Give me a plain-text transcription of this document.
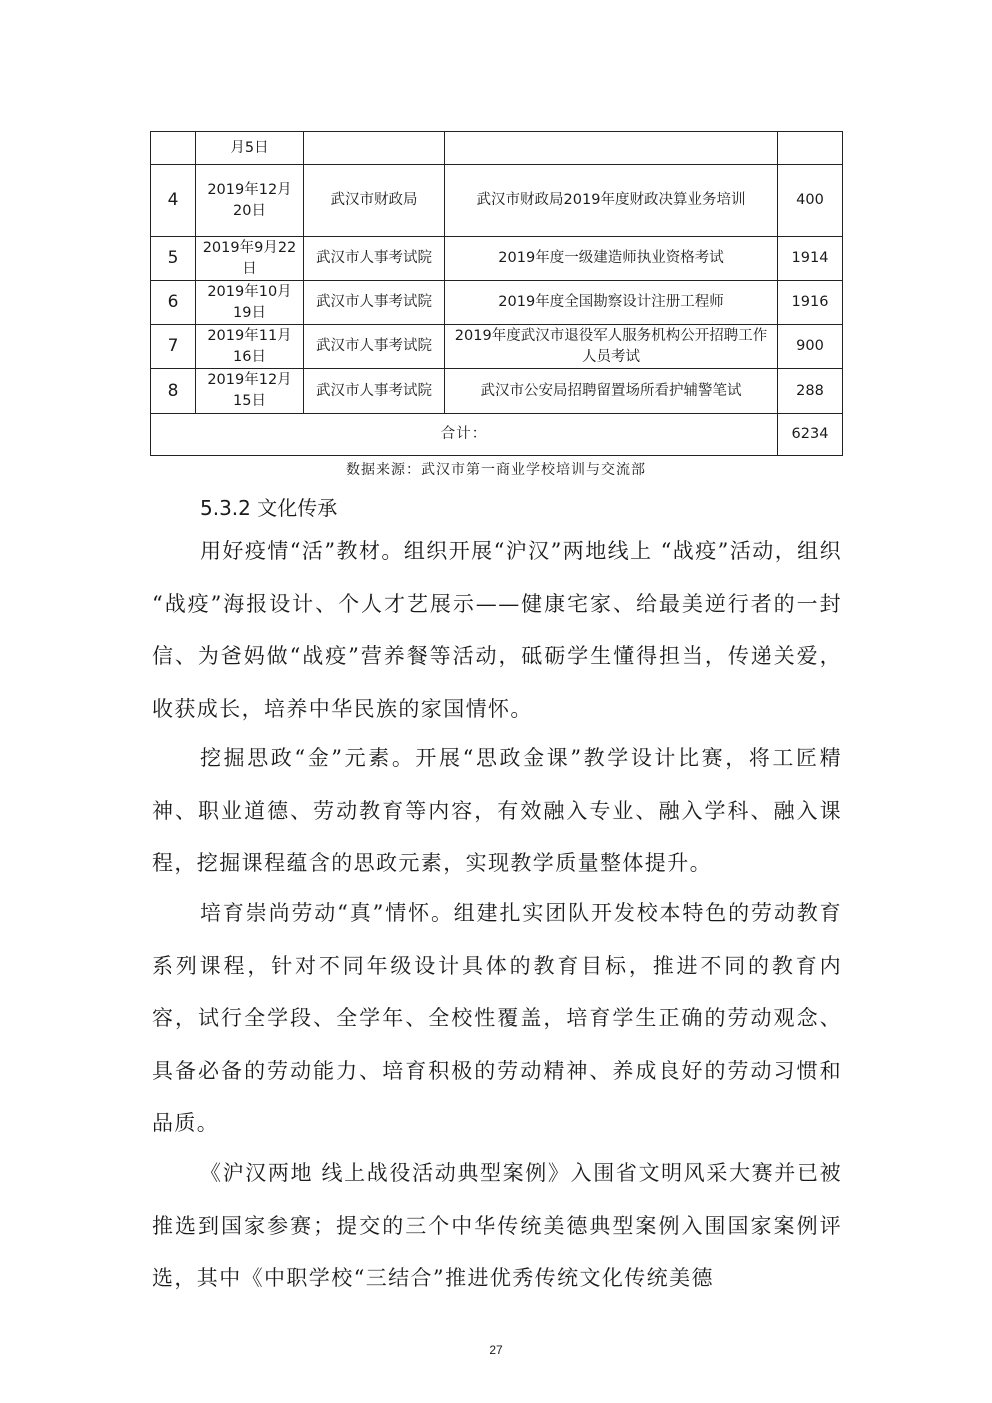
	月5日			
4	2019年12月20日	武汉市财政局	武汉市财政局2019年度财政决算业务培训	400
5	2019年9月22日	武汉市人事考试院	2019年度一级建造师执业资格考试	1914
6	2019年10月19日	武汉市人事考试院	2019年度全国勘察设计注册工程师	1916
7	2019年11月16日	武汉市人事考试院	2019年度武汉市退役军人服务机构公开招聘工作人员考试	900
8	2019年12月15日	武汉市人事考试院	武汉市公安局招聘留置场所看护辅警笔试	288
合计：				6234
数据来源：武汉市第一商业学校培训与交流部
5.3.2 文化传承

用好疫情“活”教材。组织开展“沪汉”两地线上 “战疫”活动，组织 “战疫”海报设计、个人才艺展示——健康宅家、给最美逆行者的一封信、为爸妈做“战疫”营养餐等活动，砥砺学生懂得担当，传递关爱，收获成长，培养中华民族的家国情怀。

挖掘思政“金”元素。开展“思政金课”教学设计比赛，将工匠精神、职业道德、劳动教育等内容，有效融入专业、融入学科、融入课程，挖掘课程蕴含的思政元素，实现教学质量整体提升。

培育崇尚劳动“真”情怀。组建扎实团队开发校本特色的劳动教育系列课程，针对不同年级设计具体的教育目标，推进不同的教育内容，试行全学段、全学年、全校性覆盖，培育学生正确的劳动观念、具备必备的劳动能力、培育积极的劳动精神、养成良好的劳动习惯和品质。

《沪汉两地 线上战役活动典型案例》入围省文明风采大赛并已被推选到国家参赛；提交的三个中华传统美德典型案例入围国家案例评选，其中《中职学校“三结合”推进优秀传统文化传统美德

27
